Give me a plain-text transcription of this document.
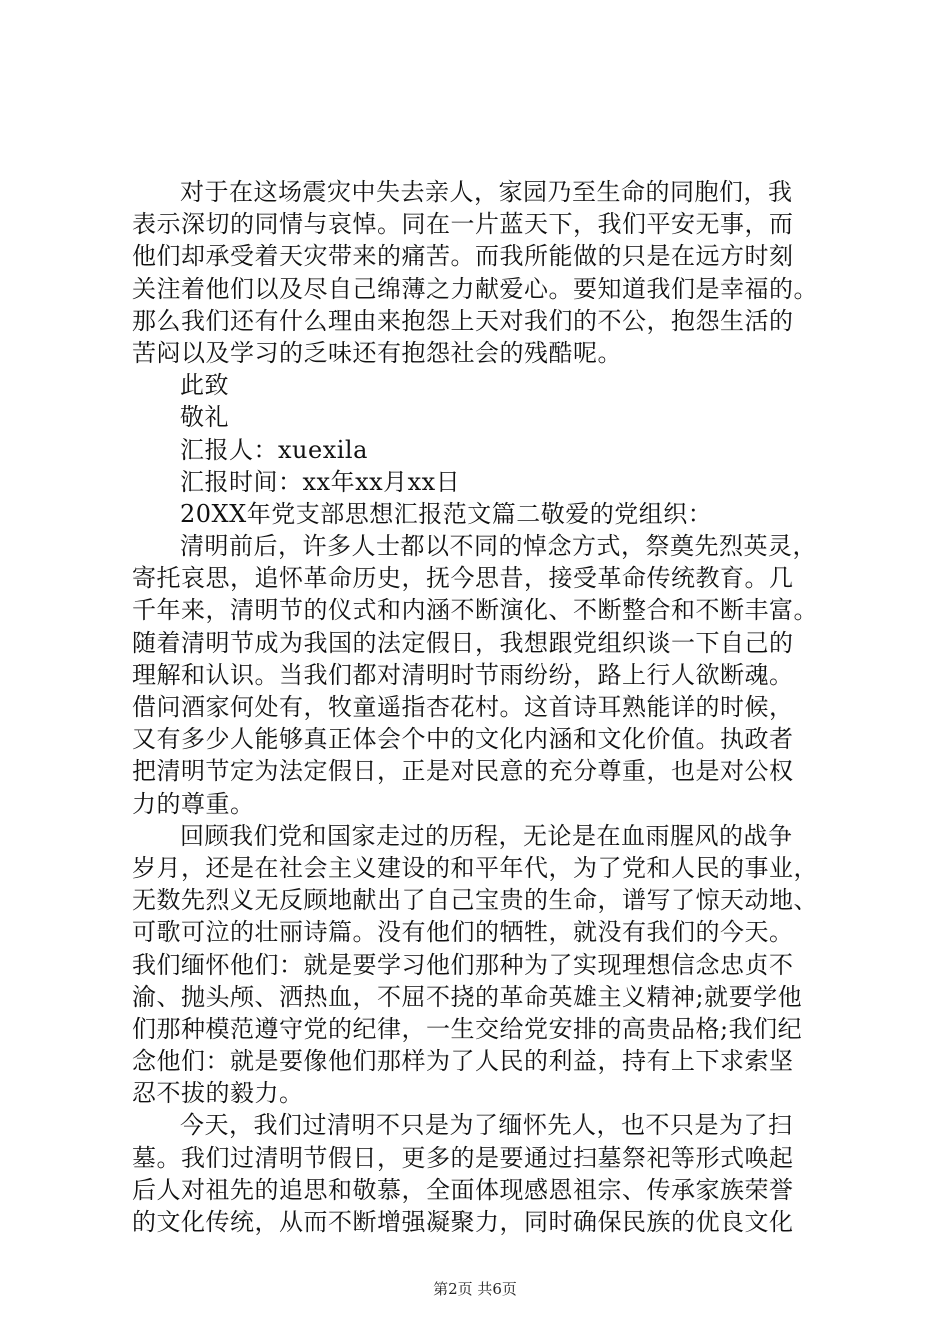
对于在这场震灾中失去亲人，家园乃至生命的同胞们，我
表示深切的同情与哀悼。同在一片蓝天下，我们平安无事，而
他们却承受着天灾带来的痛苦。而我所能做的只是在远方时刻
关注着他们以及尽自己绵薄之力献爱心。要知道我们是幸福的。
那么我们还有什么理由来抱怨上天对我们的不公，抱怨生活的
苦闷以及学习的乏味还有抱怨社会的残酷呢。
此致
敬礼
汇报人：xuexila
汇报时间：xx年xx月xx日
20XX年党支部思想汇报范文篇二敬爱的党组织：
清明前后，许多人士都以不同的悼念方式，祭奠先烈英灵，
寄托哀思，追怀革命历史，抚今思昔，接受革命传统教育。几
千年来，清明节的仪式和内涵不断演化、不断整合和不断丰富。
随着清明节成为我国的法定假日，我想跟党组织谈一下自己的
理解和认识。当我们都对清明时节雨纷纷，路上行人欲断魂。
借问酒家何处有，牧童遥指杏花村。这首诗耳熟能详的时候，
又有多少人能够真正体会个中的文化内涵和文化价值。执政者
把清明节定为法定假日，正是对民意的充分尊重，也是对公权
力的尊重。
回顾我们党和国家走过的历程，无论是在血雨腥风的战争
岁月，还是在社会主义建设的和平年代，为了党和人民的事业，
无数先烈义无反顾地献出了自己宝贵的生命，谱写了惊天动地、
可歌可泣的壮丽诗篇。没有他们的牺牲，就没有我们的今天。
我们缅怀他们：就是要学习他们那种为了实现理想信念忠贞不
渝、抛头颅、洒热血，不屈不挠的革命英雄主义精神;就要学他
们那种模范遵守党的纪律，一生交给党安排的高贵品格;我们纪
念他们：就是要像他们那样为了人民的利益，持有上下求索坚
忍不拔的毅力。
今天，我们过清明不只是为了缅怀先人，也不只是为了扫
墓。我们过清明节假日，更多的是要通过扫墓祭祀等形式唤起
后人对祖先的追思和敬慕，全面体现感恩祖宗、传承家族荣誉
的文化传统，从而不断增强凝聚力，同时确保民族的优良文化
第2页 共6页
